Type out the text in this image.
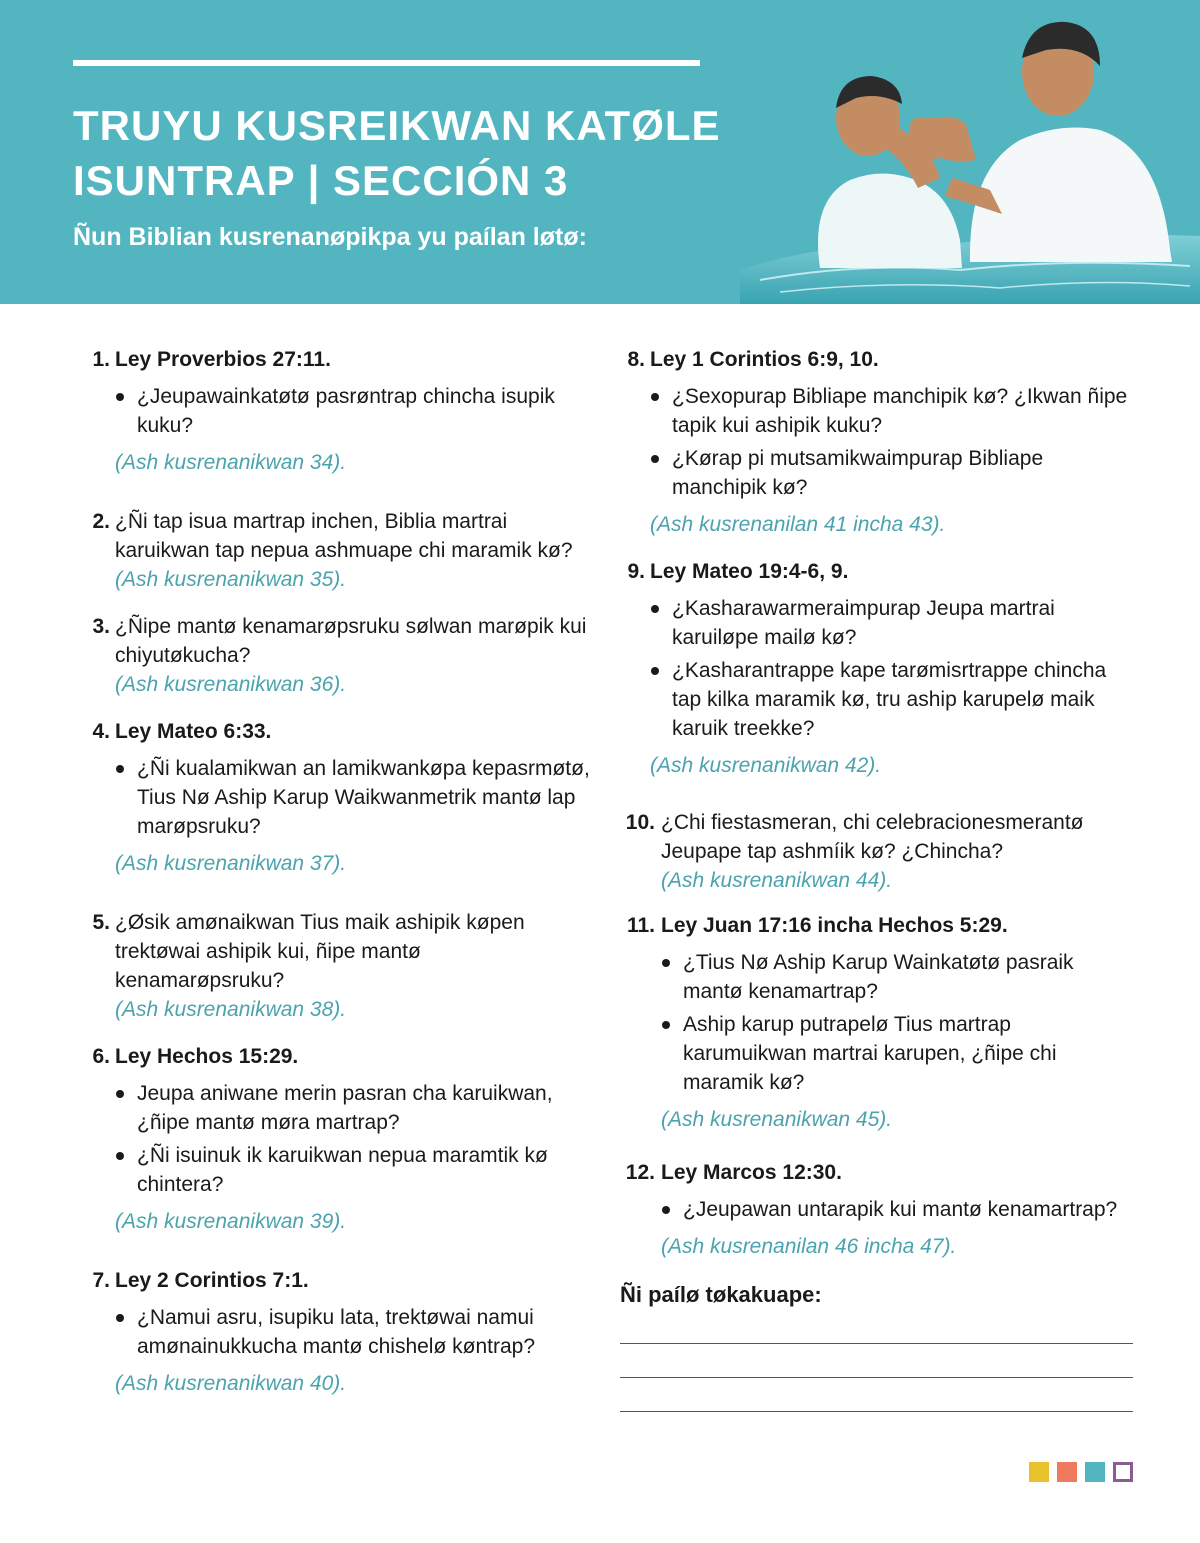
TRUYU KUSREIKWAN KATØLE
ISUNTRAP | SECCIÓN 3
Ñun Biblian kusrenanøpikpa yu paílan løtø:
1. Ley Proverbios 27:11.
¿Jeupawainkatøtø pasrøntrap chincha isupik kuku?
(Ash kusrenanikwan 34).
2. ¿Ñi tap isua martrap inchen, Biblia martrai karuikwan tap nepua ashmuape chi maramik kø?
(Ash kusrenanikwan 35).
3. ¿Ñipe mantø kenamarøpsruku sølwan marøpik kui chiyutøkucha?
(Ash kusrenanikwan 36).
4. Ley Mateo 6:33.
¿Ñi kualamikwan an lamikwankøpa kepasrmøtø, Tius Nø Aship Karup Waikwanmetrik mantø lap marøpsruku?
(Ash kusrenanikwan 37).
5. ¿Øsik amønaikwan Tius maik ashipik køpen trektøwai ashipik kui, ñipe mantø kenamarøpsruku?
(Ash kusrenanikwan 38).
6. Ley Hechos 15:29.
Jeupa aniwane merin pasran cha karuikwan, ¿ñipe mantø møra martrap?
¿Ñi isuinuk ik karuikwan nepua maramtik kø chintera?
(Ash kusrenanikwan 39).
7. Ley 2 Corintios 7:1.
¿Namui asru, isupiku lata, trektøwai namui amønainukkucha mantø chishelø køntrap?
(Ash kusrenanikwan 40).
8. Ley 1 Corintios 6:9, 10.
¿Sexopurap Bibliape manchipik kø? ¿Ikwan ñipe tapik kui ashipik kuku?
¿Kørap pi mutsamikwaimpurap Bibliape manchipik kø?
(Ash kusrenanilan 41 incha 43).
9. Ley Mateo 19:4-6, 9.
¿Kasharawarmeraimpurap Jeupa martrai karuiløpe mailø kø?
¿Kasharantrappe kape tarømisrtrappe chincha tap kilka maramik kø, tru aship karupelø maik karuik treekke?
(Ash kusrenanikwan 42).
10. ¿Chi fiestasmeran, chi celebracionesmerantø Jeupape tap ashmíik kø? ¿Chincha?
(Ash kusrenanikwan 44).
11. Ley Juan 17:16 incha Hechos 5:29.
¿Tius Nø Aship Karup Wainkatøtø pasraik mantø kenamartrap?
Aship karup putrapelø Tius martrap karumuikwan martrai karupen, ¿ñipe chi maramik kø?
(Ash kusrenanikwan 45).
12. Ley Marcos 12:30.
¿Jeupawan untarapik kui mantø kenamartrap?
(Ash kusrenanilan 46 incha 47).
Ñi paílø tøkakuape:
